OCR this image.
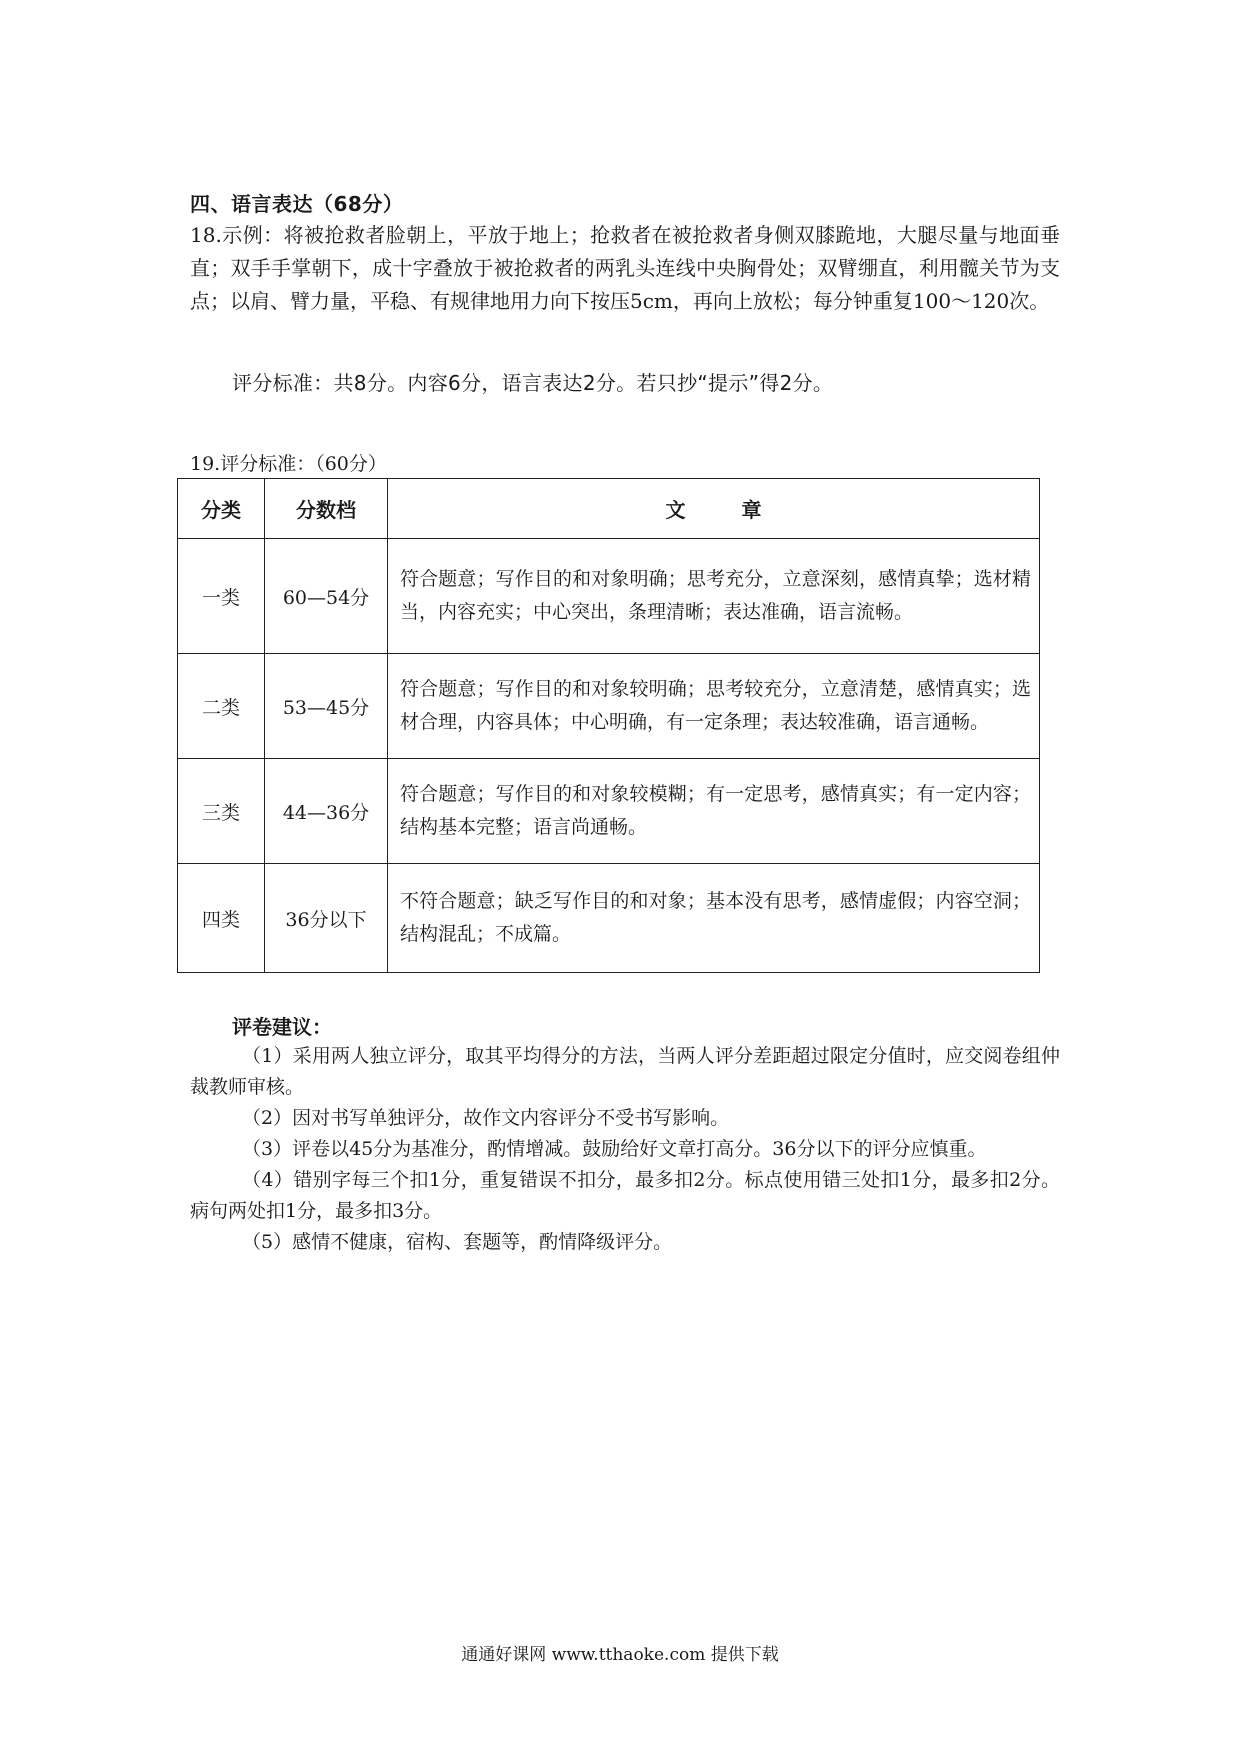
四、语言表达（68分）
18.示例：将被抢救者脸朝上，平放于地上；抢救者在被抢救者身侧双膝跪地，大腿尽量与地面垂直；双手手掌朝下，成十字叠放于被抢救者的两乳头连线中央胸骨处；双臂绷直，利用髋关节为支点；以肩、臂力量，平稳、有规律地用力向下按压5cm，再向上放松；每分钟重复100～120次。
评分标准：共8分。内容6分，语言表达2分。若只抄“提示”得2分。
19.评分标准：（60分）
分类	分数档	文章
一类	60—54分	符合题意；写作目的和对象明确；思考充分，立意深刻，感情真挚；选材精当，内容充实；中心突出，条理清晰；表达准确，语言流畅。
二类	53—45分	符合题意；写作目的和对象较明确；思考较充分，立意清楚，感情真实；选材合理，内容具体；中心明确，有一定条理；表达较准确，语言通畅。
三类	44—36分	符合题意；写作目的和对象较模糊；有一定思考，感情真实；有一定内容；结构基本完整；语言尚通畅。
四类	36分以下	不符合题意；缺乏写作目的和对象；基本没有思考，感情虚假；内容空洞；结构混乱；不成篇。
评卷建议：

（1）采用两人独立评分，取其平均得分的方法，当两人评分差距超过限定分值时，应交阅卷组仲裁教师审核。

（2）因对书写单独评分，故作文内容评分不受书写影响。

（3）评卷以45分为基准分，酌情增减。鼓励给好文章打高分。36分以下的评分应慎重。

（4）错别字每三个扣1分，重复错误不扣分，最多扣2分。标点使用错三处扣1分，最多扣2分。病句两处扣1分，最多扣3分。

（5）感情不健康，宿构、套题等，酌情降级评分。

通通好课网 www.tthaoke.com 提供下载
